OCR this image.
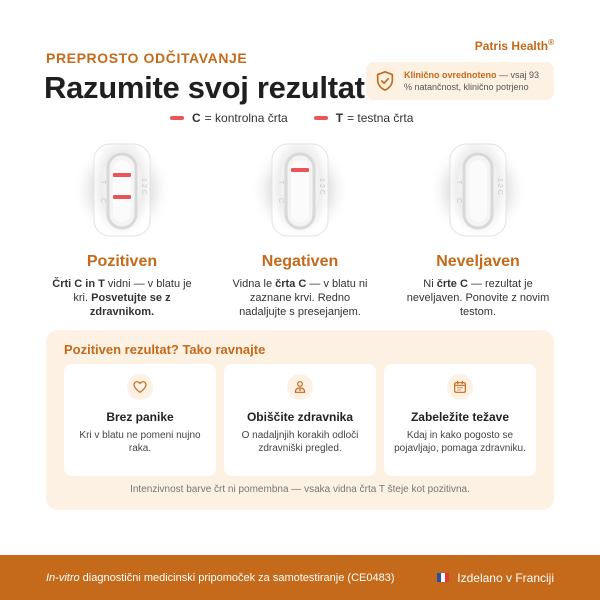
PREPROSTO ODČITAVANJE
Patris Health®
Razumite svoj rezultat	Klinično ovrednoteno — vsaj 93 % natančnost, klinično potrjeno
C = kontrolna črta	T = testna črta
T
C
1 2 C
Pozitiven
Črti C in T vidni — v blatu je kri. Posvetujte se z zdravnikom.
T
C
1 2 C
Negativen
Vidna le črta C — v blatu ni zaznane krvi. Redno nadaljujte s presejanjem.
T
C
1 2 C
Neveljaven
Ni črte C — rezultat je neveljaven. Ponovite z novim testom.
Pozitiven rezultat? Tako ravnajte
Brez panike
Kri v blatu ne pomeni nujno raka.
Obiščite zdravnika
O nadaljnjih korakih odloči zdravniški pregled.
Zabeležite težave
Kdaj in kako pogosto se pojavljajo, pomaga zdravniku.
Intenzivnost barve črt ni pomembna — vsaka vidna črta T šteje kot pozitivna.
In-vitro diagnostični medicinski pripomoček za samotestiranje (CE0483)	Izdelano v Franciji
